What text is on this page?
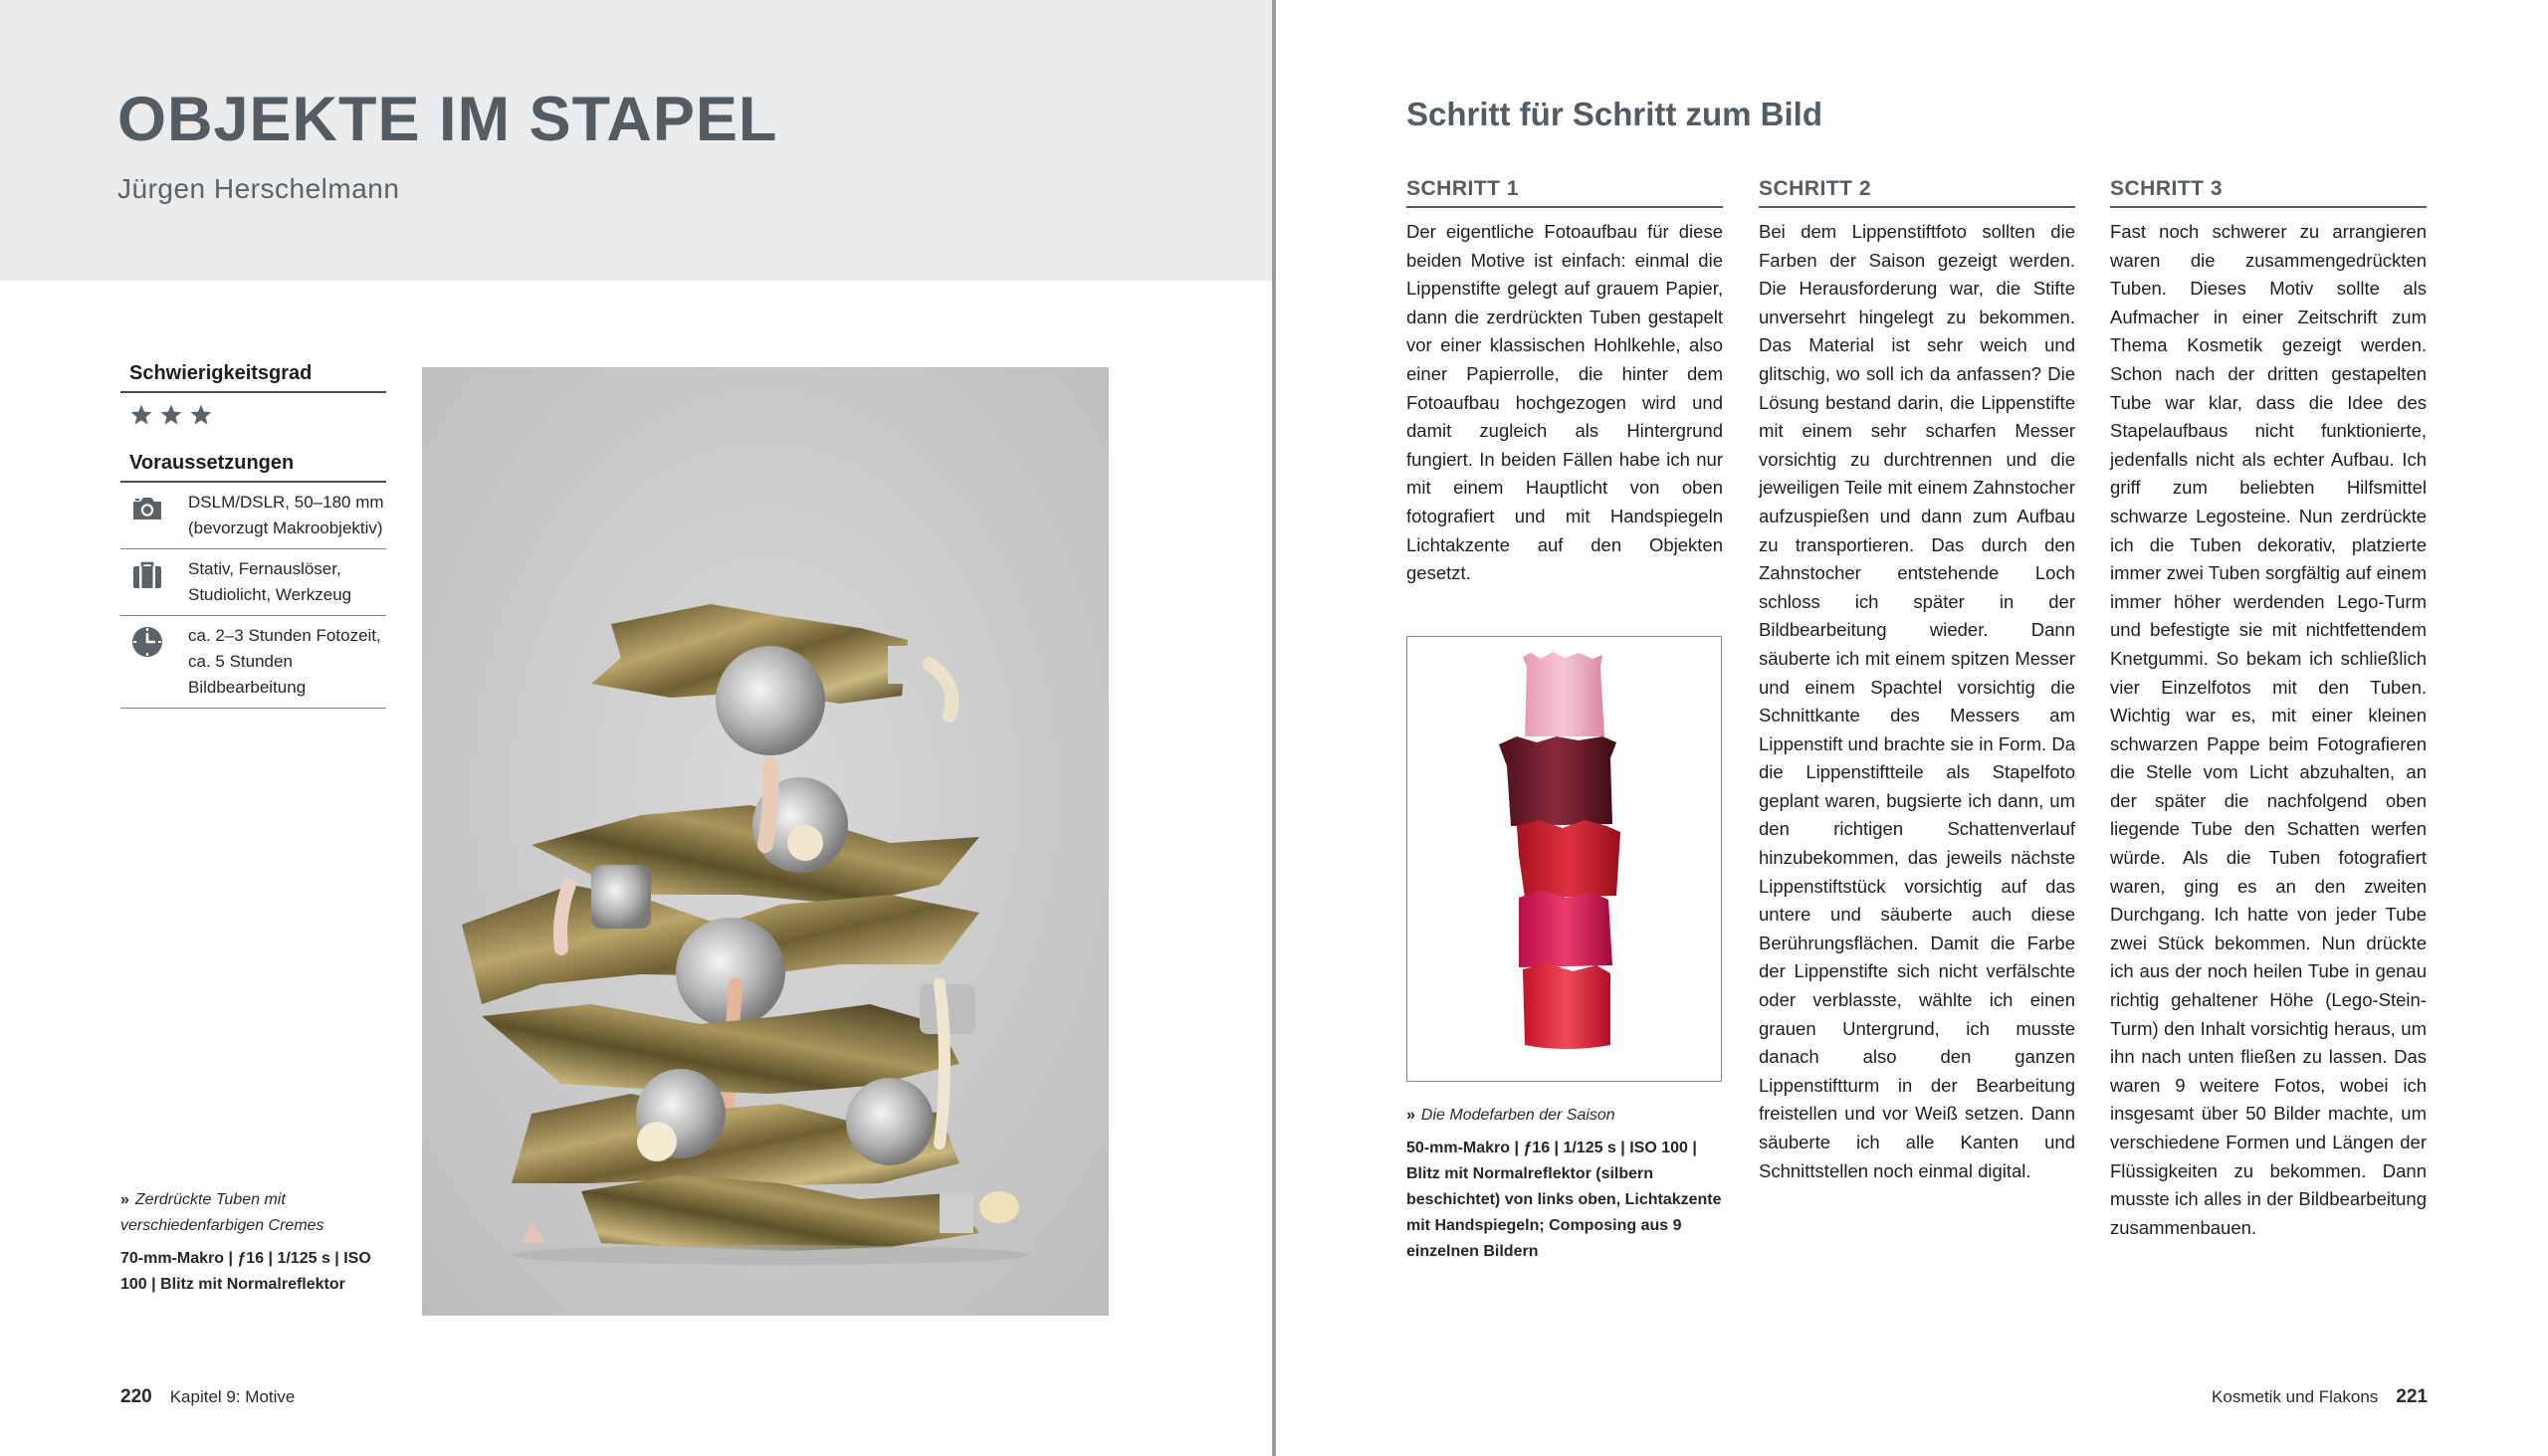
OBJEKTE IM STAPEL
Jürgen Herschelmann
Schwierigkeitsgrad
Voraussetzungen
DSLM/DSLR, 50–180 mm (bevorzugt Makroobjektiv)
Stativ, Fernauslöser, Studiolicht, Werkzeug
ca. 2–3 Stunden Fotozeit, ca. 5 Stunden Bildbearbeitung
» Zerdrückte Tuben mit verschiedenfarbigen Cremes
70-mm-Makro | ƒ16 | 1/125 s | ISO 100 | Blitz mit Normalreflektor
220 Kapitel 9: Motive
Schritt für Schritt zum Bild
SCHRITT 1

Der eigentliche Fotoaufbau für diese beiden Motive ist einfach: einmal die Lippenstifte gelegt auf grauem Papier, dann die zerdrückten Tuben gestapelt vor einer klassischen Hohlkehle, also einer Papierrolle, die hinter dem Fotoaufbau hochgezogen wird und damit zugleich als Hintergrund fungiert. In beiden Fällen habe ich nur mit einem Hauptlicht von oben fotografiert und mit Handspiegeln Lichtakzente auf den Objekten gesetzt.

SCHRITT 2

Bei dem Lippenstiftfoto sollten die Farben der Saison gezeigt werden. Die Herausforderung war, die Stifte unversehrt hingelegt zu bekommen. Das Material ist sehr weich und glitschig, wo soll ich da anfassen? Die Lösung bestand darin, die Lippenstifte mit einem sehr scharfen Messer vorsichtig zu durchtrennen und die jeweiligen Teile mit einem Zahnstocher aufzuspießen und dann zum Aufbau zu transportieren. Das durch den Zahnstocher entstehende Loch schloss ich später in der Bildbearbeitung wieder. Dann säuberte ich mit einem spitzen Messer und einem Spachtel vorsichtig die Schnittkante des Messers am Lippenstift und brachte sie in Form. Da die Lippenstiftteile als Stapelfoto geplant waren, bugsierte ich dann, um den richtigen Schattenverlauf hinzubekommen, das jeweils nächste Lippenstiftstück vorsichtig auf das untere und säuberte auch diese Berührungsflächen. Damit die Farbe der Lippenstifte sich nicht verfälschte oder verblasste, wählte ich einen grauen Untergrund, ich musste danach also den ganzen Lippenstiftturm in der Bearbeitung freistellen und vor Weiß setzen. Dann säuberte ich alle Kanten und Schnittstellen noch einmal digital.

SCHRITT 3

Fast noch schwerer zu arrangieren waren die zusammengedrückten Tuben. Dieses Motiv sollte als Aufmacher in einer Zeitschrift zum Thema Kosmetik gezeigt werden. Schon nach der dritten gestapelten Tube war klar, dass die Idee des Stapelaufbaus nicht funktionierte, jedenfalls nicht als echter Aufbau. Ich griff zum beliebten Hilfsmittel schwarze Legosteine. Nun zerdrückte ich die Tuben dekorativ, platzierte immer zwei Tuben sorgfältig auf einem immer höher werdenden Lego-Turm und befestigte sie mit nichtfettendem Knetgummi. So bekam ich schließlich vier Einzelfotos mit den Tuben. Wichtig war es, mit einer kleinen schwarzen Pappe beim Fotografieren die Stelle vom Licht abzuhalten, an der später die nachfolgend oben liegende Tube den Schatten werfen würde. Als die Tuben fotografiert waren, ging es an den zweiten Durchgang. Ich hatte von jeder Tube zwei Stück bekommen. Nun drückte ich aus der noch heilen Tube in genau richtig gehaltener Höhe (Lego-Stein-Turm) den Inhalt vorsichtig heraus, um ihn nach unten fließen zu lassen. Das waren 9 weitere Fotos, wobei ich insgesamt über 50 Bilder machte, um verschiedene Formen und Längen der Flüssigkeiten zu bekommen. Dann musste ich alles in der Bildbearbeitung zusammenbauen.

» Die Modefarben der Saison
50-mm-Makro | ƒ16 | 1/125 s | ISO 100 | Blitz mit Normalreflektor (silbern beschichtet) von links oben, Lichtakzente mit Handspiegeln; Composing aus 9 einzelnen Bildern
Kosmetik und Flakons 221
